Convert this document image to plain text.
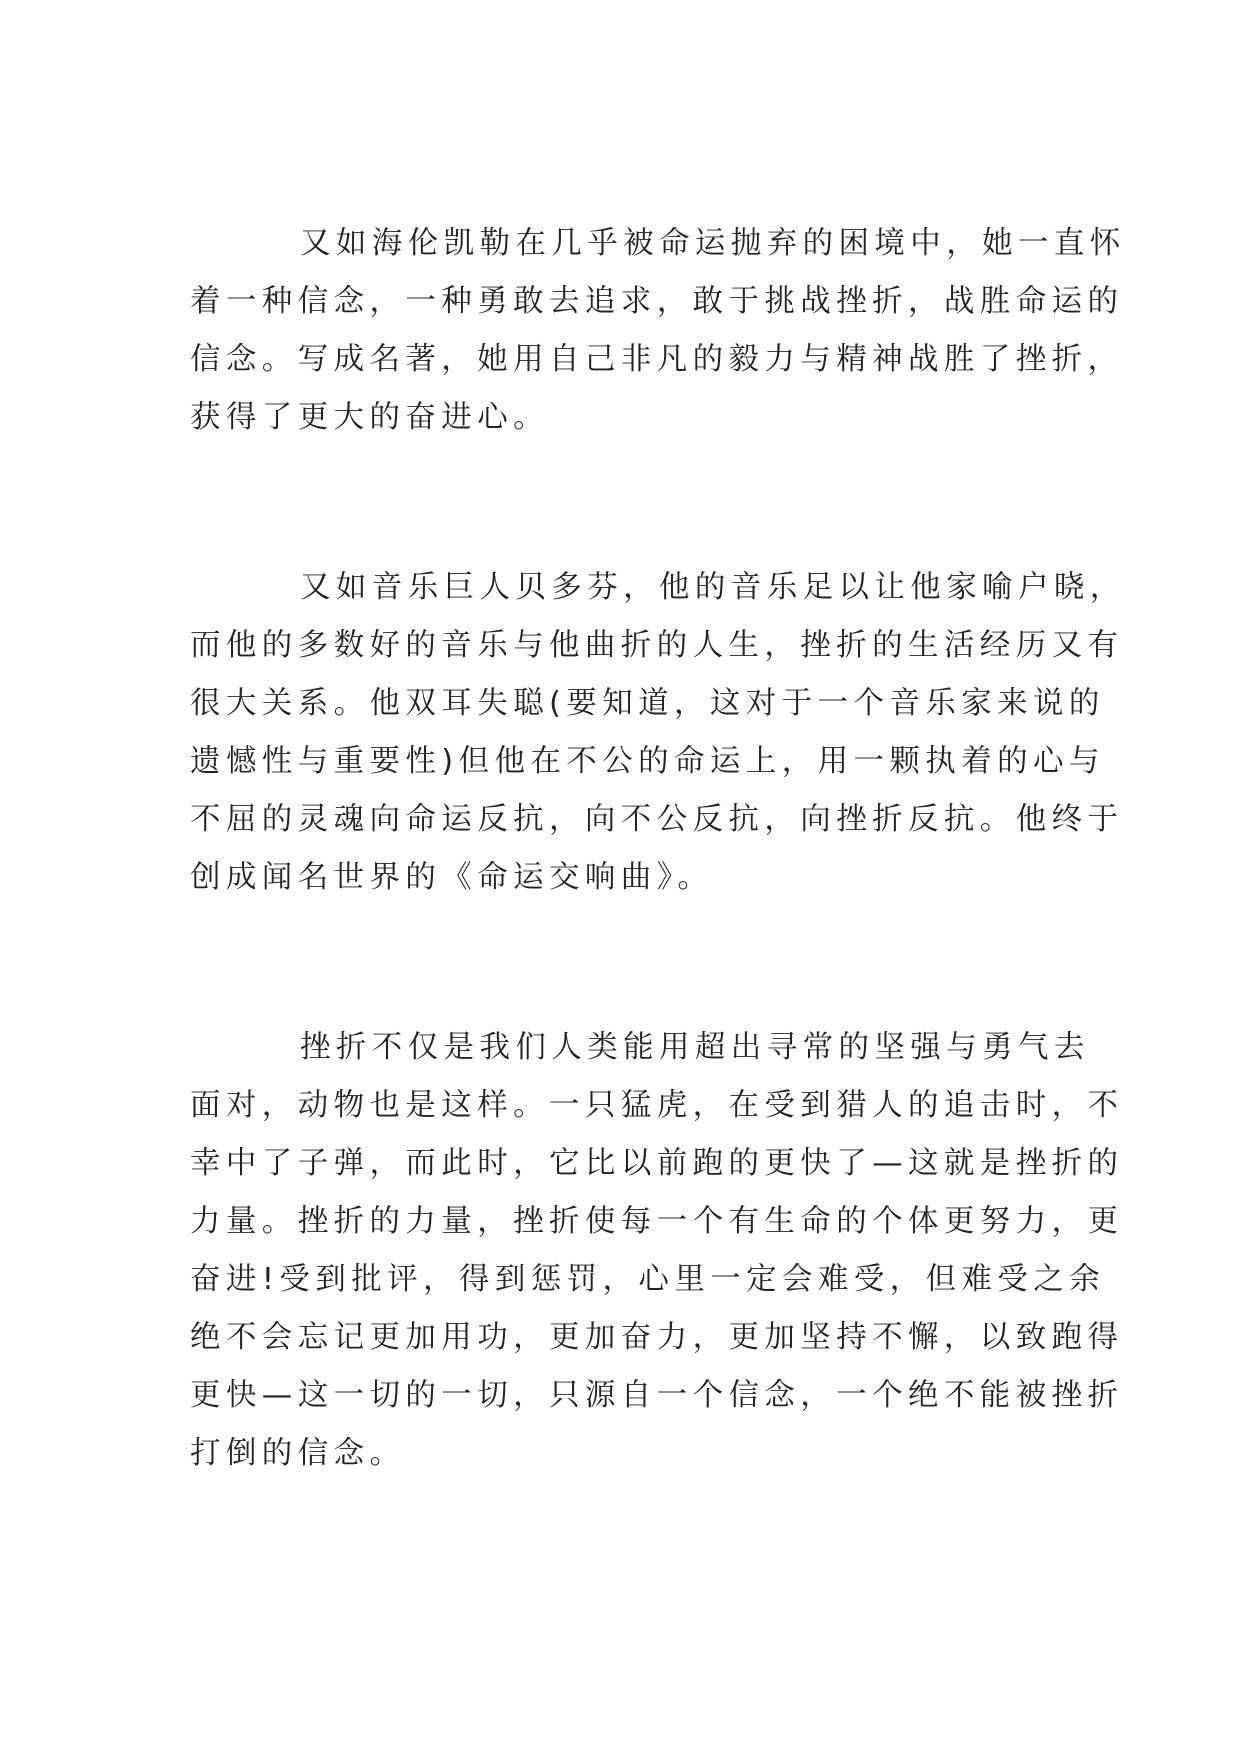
又如海伦凯勒在几乎被命运抛弃的困境中，她一直怀
着一种信念，一种勇敢去追求，敢于挑战挫折，战胜命运的
信念。写成名著，她用自己非凡的毅力与精神战胜了挫折，
获得了更大的奋进心。

又如音乐巨人贝多芬，他的音乐足以让他家喻户晓，
而他的多数好的音乐与他曲折的人生，挫折的生活经历又有
很大关系。他双耳失聪(要知道，这对于一个音乐家来说的
遗憾性与重要性)但他在不公的命运上，用一颗执着的心与
不屈的灵魂向命运反抗，向不公反抗，向挫折反抗。他终于
创成闻名世界的《命运交响曲》。

挫折不仅是我们人类能用超出寻常的坚强与勇气去
面对，动物也是这样。一只猛虎，在受到猎人的追击时，不
幸中了子弹，而此时，它比以前跑的更快了—这就是挫折的
力量。挫折的力量，挫折使每一个有生命的个体更努力，更
奋进!受到批评，得到惩罚，心里一定会难受，但难受之余
绝不会忘记更加用功，更加奋力，更加坚持不懈，以致跑得
更快—这一切的一切，只源自一个信念，一个绝不能被挫折
打倒的信念。
